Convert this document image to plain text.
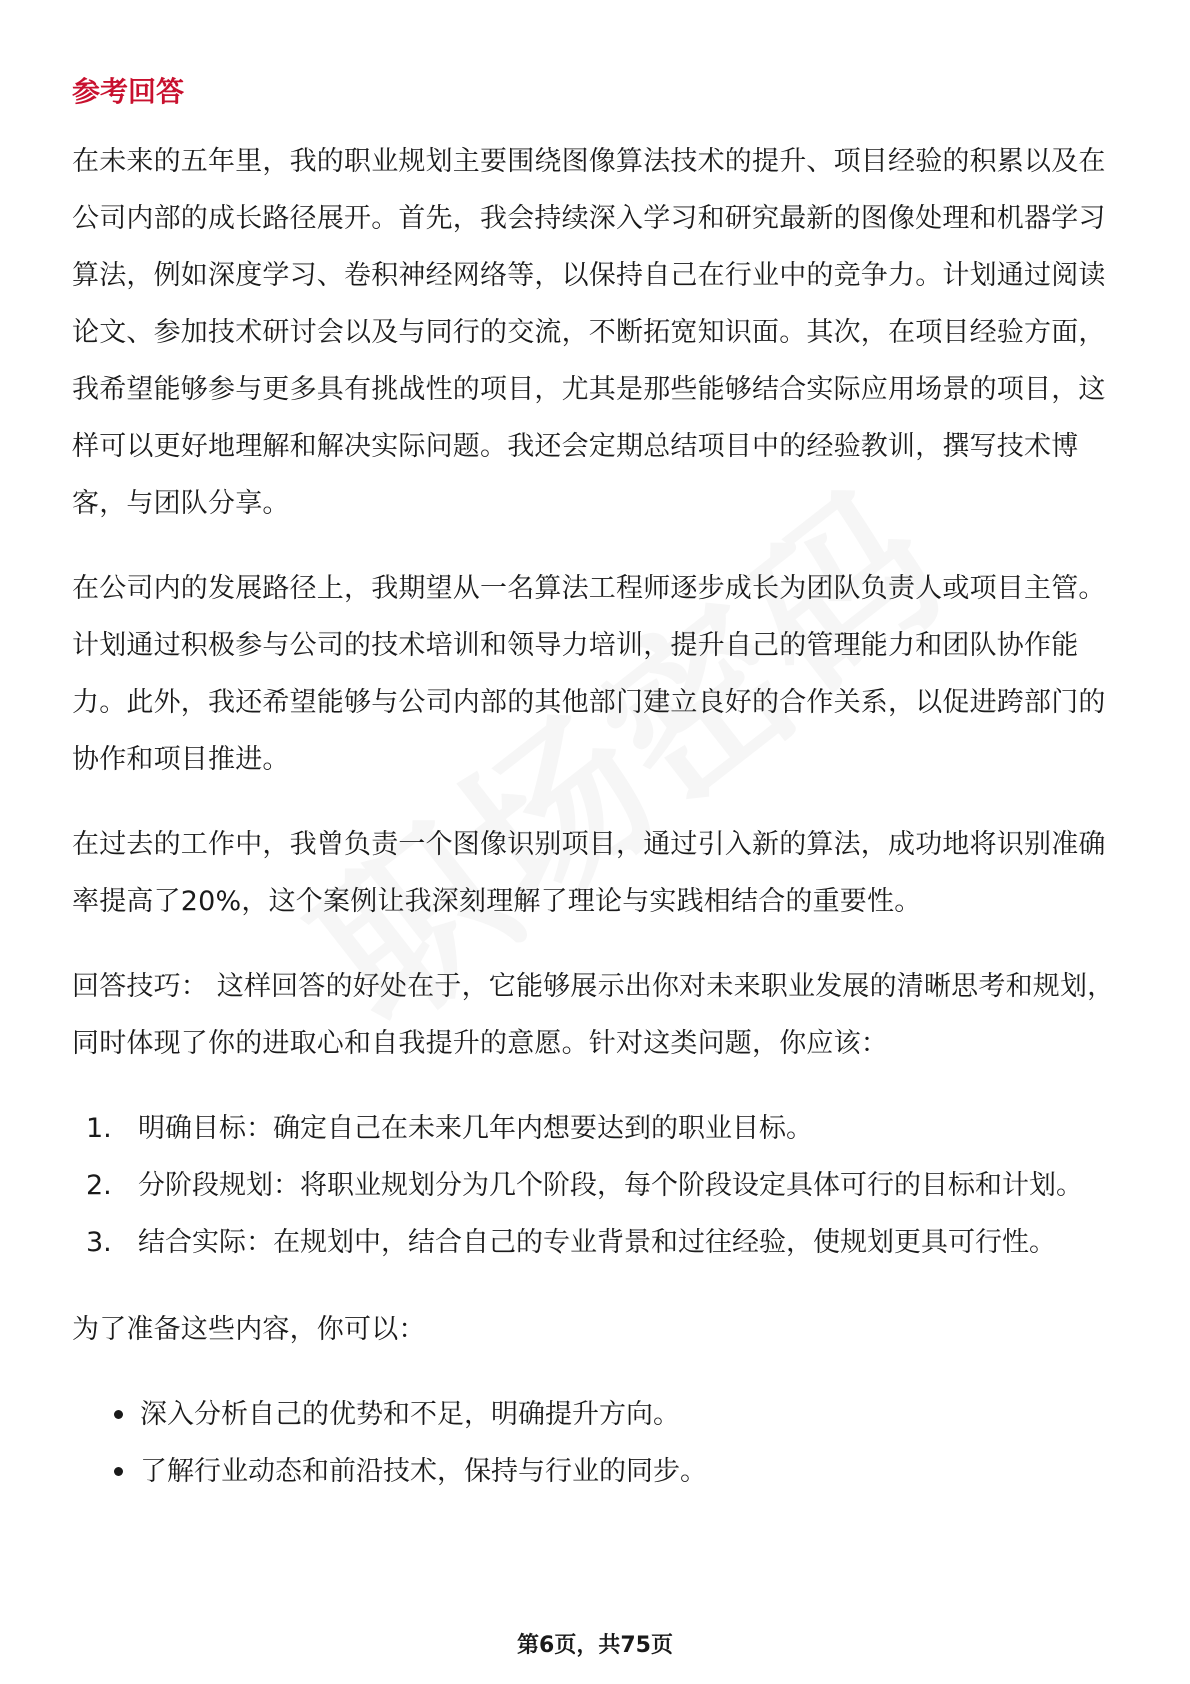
参考回答

在未来的五年里，我的职业规划主要围绕图像算法技术的提升、项目经验的积累以及在公司内部的成长路径展开。首先，我会持续深入学习和研究最新的图像处理和机器学习算法，例如深度学习、卷积神经网络等，以保持自己在行业中的竞争力。计划通过阅读论文、参加技术研讨会以及与同行的交流，不断拓宽知识面。其次，在项目经验方面，我希望能够参与更多具有挑战性的项目，尤其是那些能够结合实际应用场景的项目，这样可以更好地理解和解决实际问题。我还会定期总结项目中的经验教训，撰写技术博客，与团队分享。

在公司内的发展路径上，我期望从一名算法工程师逐步成长为团队负责人或项目主管。计划通过积极参与公司的技术培训和领导力培训，提升自己的管理能力和团队协作能力。此外，我还希望能够与公司内部的其他部门建立良好的合作关系，以促进跨部门的协作和项目推进。

在过去的工作中，我曾负责一个图像识别项目，通过引入新的算法，成功地将识别准确率提高了20%，这个案例让我深刻理解了理论与实践相结合的重要性。

回答技巧： 这样回答的好处在于，它能够展示出你对未来职业发展的清晰思考和规划，同时体现了你的进取心和自我提升的意愿。针对这类问题，你应该：

1. 明确目标：确定自己在未来几年内想要达到的职业目标。
2. 分阶段规划：将职业规划分为几个阶段，每个阶段设定具体可行的目标和计划。
3. 结合实际：在规划中，结合自己的专业背景和过往经验，使规划更具可行性。

为了准备这些内容，你可以：

深入分析自己的优势和不足，明确提升方向。
了解行业动态和前沿技术，保持与行业的同步。
第6页，共75页
